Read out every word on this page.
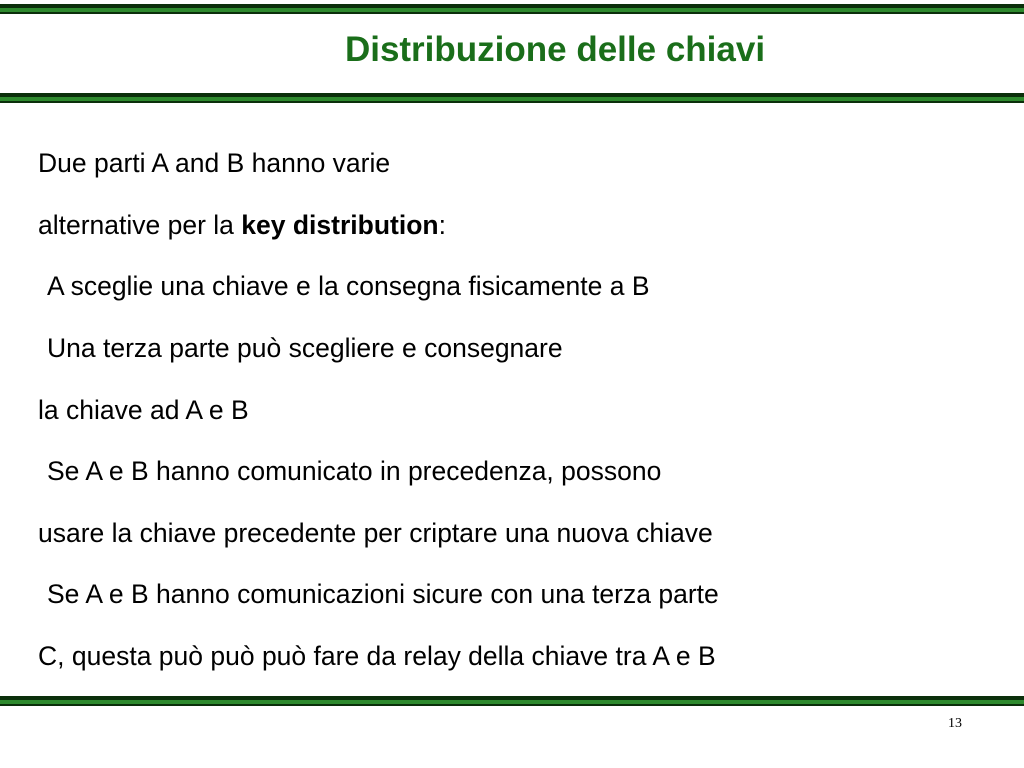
Distribuzione delle chiavi
Due parti A and B hanno varie
alternative per la key distribution:
A sceglie una chiave e la consegna fisicamente a B
Una terza parte può scegliere e consegnare
la chiave ad A e B
Se A e B hanno comunicato in precedenza, possono
usare la chiave precedente per criptare una nuova chiave
Se A e B hanno comunicazioni sicure con una terza parte
C, questa può può può fare da relay della chiave tra A e B
13
